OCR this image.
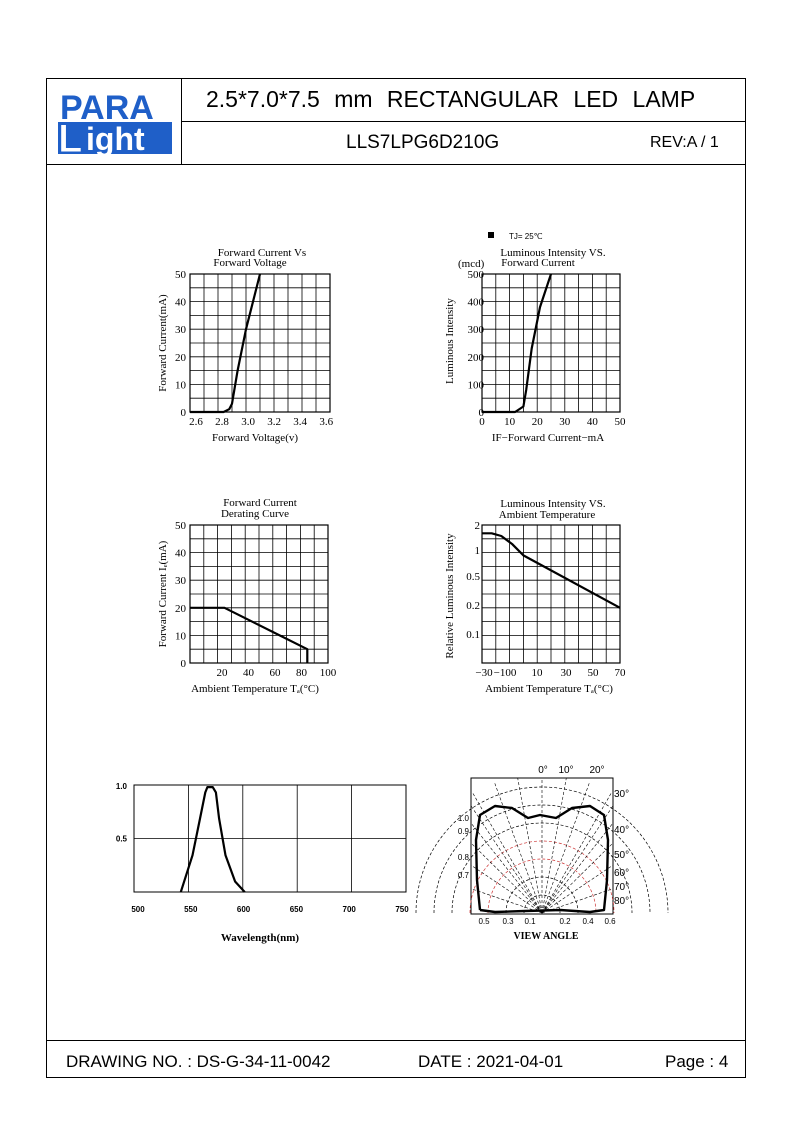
PARA
L ight
2.5*7.0*7.5 mm RECTANGULAR LED LAMP
LLS7LPG6D210G	REV:A / 1
DRAWING NO. : DS-G-34-11-0042	DATE : 2021-04-01	Page : 4
Forward Current Vs
Forward Voltage
0
10
20
30
40
50
2.6 2.8 3.0 3.2 3.4 3.6
Forward Voltage(v)
Forward Current(mA)
TJ= 25℃
Luminous Intensity VS.
Forward Current
(mcd)
0
100
200
300
400
500
0 10 20 30 40 50
IF−Forward Current−mA
Luminous Intensity
Forward Current
Derating Curve
0
10
20
30
40
50
20 40 60 80 100
Ambient Temperature Tₐ(°C)
Forward Current Iₑ(mA)
Luminous Intensity VS.
Ambient Temperature
2
1
0.5
0.2
0.1
−30 −100 10 30 50 70
Ambient Temperature Tₐ(°C)
Relative Luminous Intensity
1.0
0.5
500	550	600	650	700	750
Wavelength(nm)
0° 10° 20°
30°
40°
50°
60°
70°
80°
1.0
0.9
0.8
0.7
0.5 0.3 0.1	0.2 0.4 0.6
VIEW ANGLE
